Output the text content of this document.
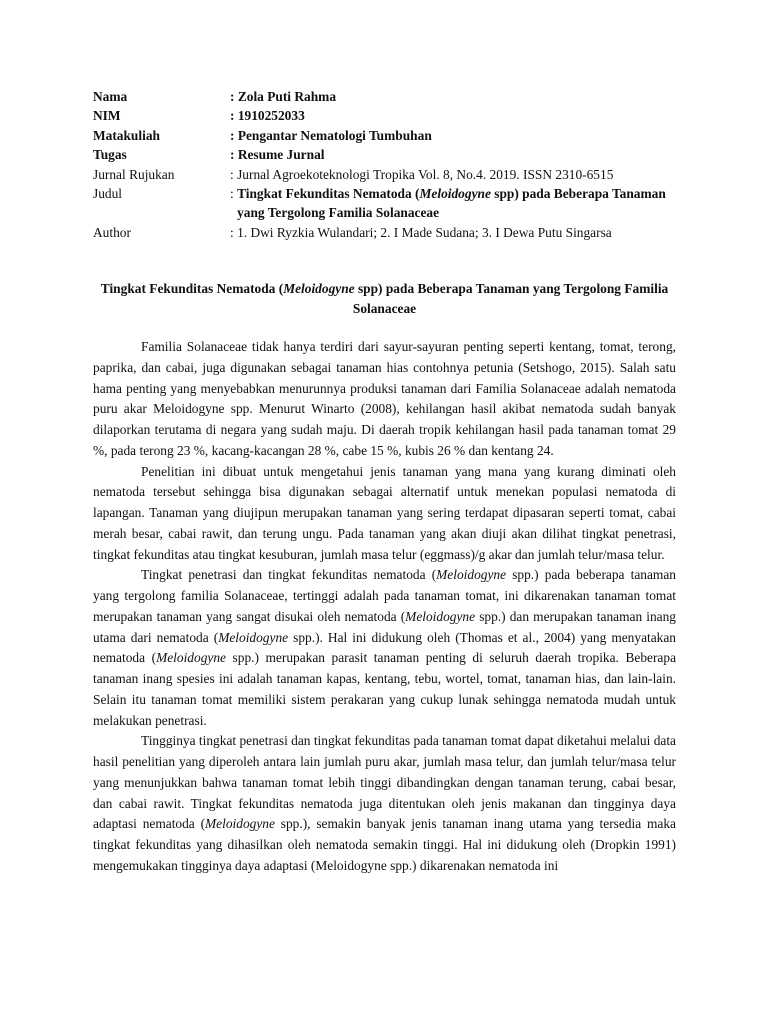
Nama	: Zola Puti Rahma
NIM	: 1910252033
Matakuliah	: Pengantar Nematologi Tumbuhan
Tugas	: Resume Jurnal
Jurnal Rujukan	: Jurnal Agroekoteknologi Tropika Vol. 8, No.4. 2019. ISSN 2310-6515
Judul	: Tingkat Fekunditas Nematoda (Meloidogyne spp) pada Beberapa Tanaman yang Tergolong Familia Solanaceae
Author	: 1. Dwi Ryzkia Wulandari; 2. I Made Sudana; 3. I Dewa Putu Singarsa
Tingkat Fekunditas Nematoda (Meloidogyne spp) pada Beberapa Tanaman yang Tergolong Familia Solanaceae

Familia Solanaceae tidak hanya terdiri dari sayur-sayuran penting seperti kentang, tomat, terong, paprika, dan cabai, juga digunakan sebagai tanaman hias contohnya petunia (Setshogo, 2015). Salah satu hama penting yang menyebabkan menurunnya produksi tanaman dari Familia Solanaceae adalah nematoda puru akar Meloidogyne spp. Menurut Winarto (2008), kehilangan hasil akibat nematoda sudah banyak dilaporkan terutama di negara yang sudah maju. Di daerah tropik kehilangan hasil pada tanaman tomat 29 %, pada terong 23 %, kacang-kacangan 28 %, cabe 15 %, kubis 26 % dan kentang 24.

Penelitian ini dibuat untuk mengetahui jenis tanaman yang mana yang kurang diminati oleh nematoda tersebut sehingga bisa digunakan sebagai alternatif untuk menekan populasi nematoda di lapangan. Tanaman yang diujipun merupakan tanaman yang sering terdapat dipasaran seperti tomat, cabai merah besar, cabai rawit, dan terung ungu. Pada tanaman yang akan diuji akan dilihat tingkat penetrasi, tingkat fekunditas atau tingkat kesuburan, jumlah masa telur (eggmass)/g akar dan jumlah telur/masa telur.

Tingkat penetrasi dan tingkat fekunditas nematoda (Meloidogyne spp.) pada beberapa tanaman yang tergolong familia Solanaceae, tertinggi adalah pada tanaman tomat, ini dikarenakan tanaman tomat merupakan tanaman yang sangat disukai oleh nematoda (Meloidogyne spp.) dan merupakan tanaman inang utama dari nematoda (Meloidogyne spp.). Hal ini didukung oleh (Thomas et al., 2004) yang menyatakan nematoda (Meloidogyne spp.) merupakan parasit tanaman penting di seluruh daerah tropika. Beberapa tanaman inang spesies ini adalah tanaman kapas, kentang, tebu, wortel, tomat, tanaman hias, dan lain-lain. Selain itu tanaman tomat memiliki sistem perakaran yang cukup lunak sehingga nematoda mudah untuk melakukan penetrasi.

Tingginya tingkat penetrasi dan tingkat fekunditas pada tanaman tomat dapat diketahui melalui data hasil penelitian yang diperoleh antara lain jumlah puru akar, jumlah masa telur, dan jumlah telur/masa telur yang menunjukkan bahwa tanaman tomat lebih tinggi dibandingkan dengan tanaman terung, cabai besar, dan cabai rawit. Tingkat fekunditas nematoda juga ditentukan oleh jenis makanan dan tingginya daya adaptasi nematoda (Meloidogyne spp.), semakin banyak jenis tanaman inang utama yang tersedia maka tingkat fekunditas yang dihasilkan oleh nematoda semakin tinggi. Hal ini didukung oleh (Dropkin 1991) mengemukakan tingginya daya adaptasi (Meloidogyne spp.) dikarenakan nematoda ini
